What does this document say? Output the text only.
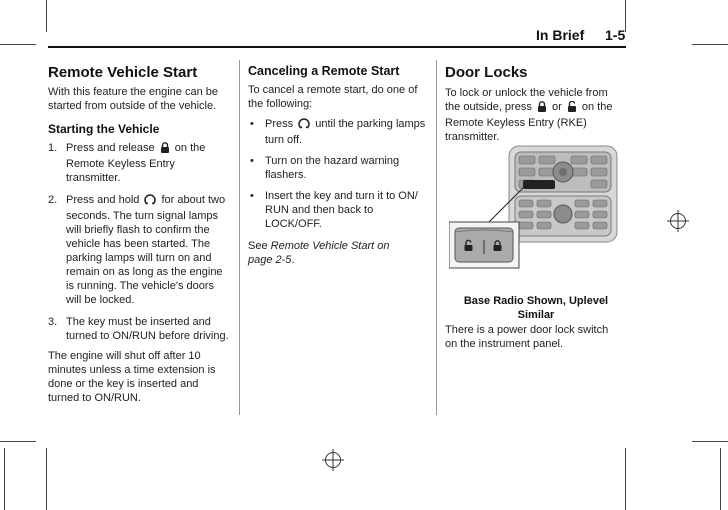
In Brief 1-5
Remote Vehicle Start
With this feature the engine can be started from outside of the vehicle.
Starting the Vehicle
1. Press and release  on the Remote Keyless Entry transmitter.
2. Press and hold  for about two seconds. The turn signal lamps will briefly flash to confirm the vehicle has been started. The parking lamps will turn on and remain on as long as the engine is running. The vehicle's doors will be locked.
3. The key must be inserted and turned to ON/RUN before driving.
The engine will shut off after 10 minutes unless a time extension is done or the key is inserted and turned to ON/RUN.
Canceling a Remote Start
To cancel a remote start, do one of the following:
• Press  until the parking lamps turn off.
• Turn on the hazard warning flashers.
• Insert the key and turn it to ON/ RUN and then back to LOCK/OFF.
See Remote Vehicle Start on page 2-5.
Door Locks
To lock or unlock the vehicle from the outside, press  or  on the Remote Keyless Entry (RKE) transmitter.
Base Radio Shown, Uplevel Similar
There is a power door lock switch on the instrument panel.
